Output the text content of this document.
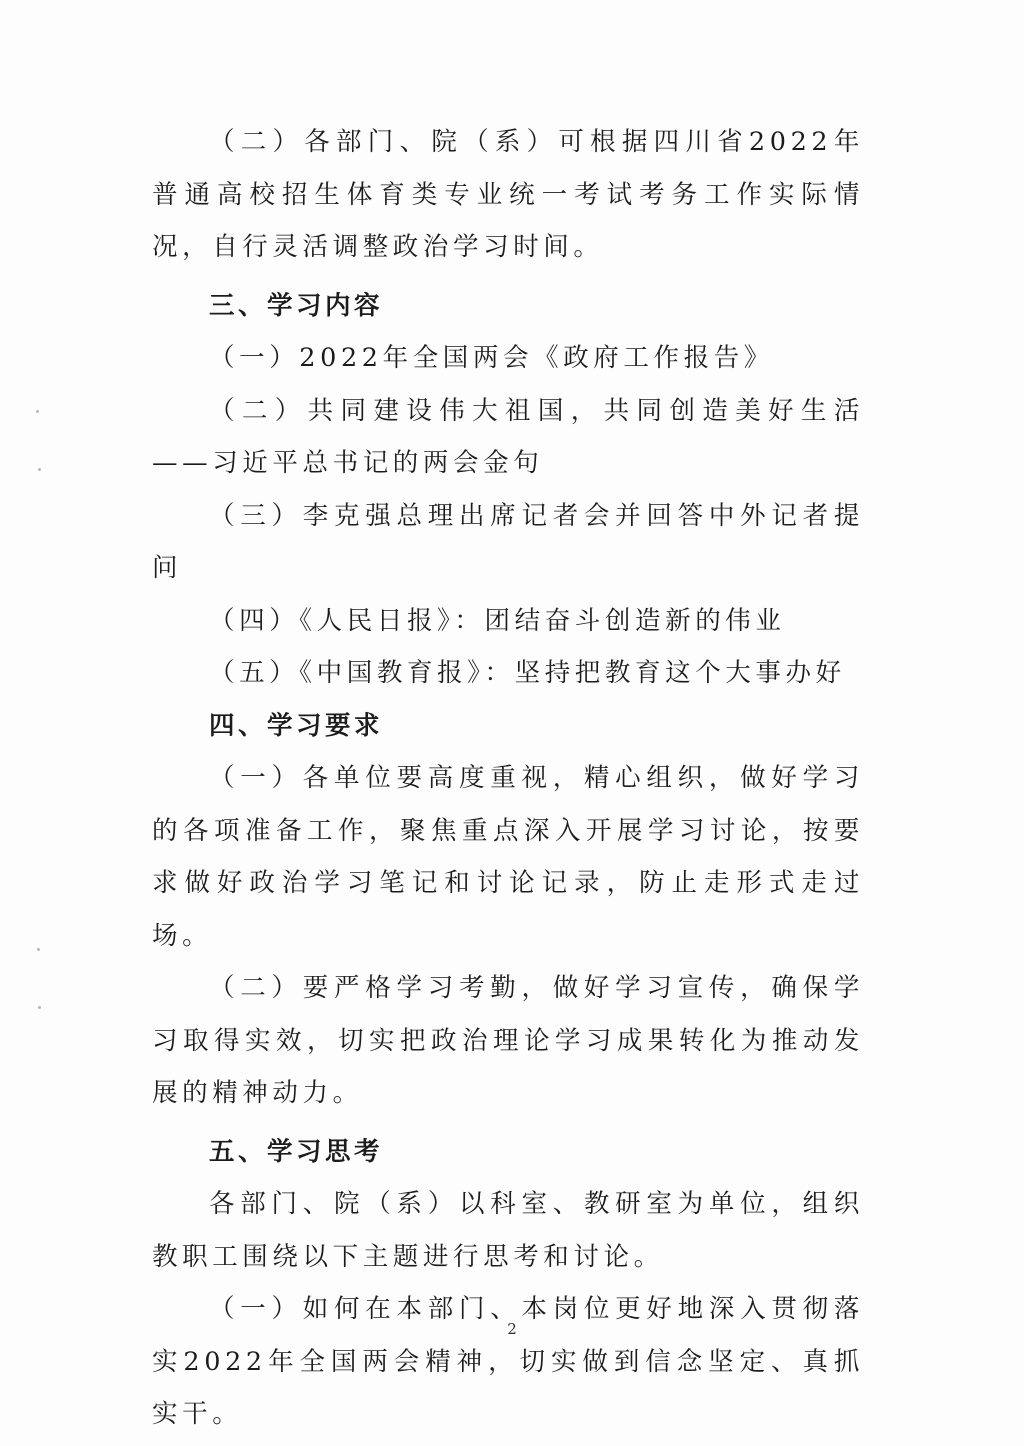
（二）各部门、院（系）可根据四川省2022年普通高校招生体育类专业统一考试考务工作实际情况，自行灵活调整政治学习时间。

三、学习内容

（一）2022年全国两会《政府工作报告》

（二）共同建设伟大祖国，共同创造美好生活——习近平总书记的两会金句

（三）李克强总理出席记者会并回答中外记者提问

（四）《人民日报》：团结奋斗创造新的伟业

（五）《中国教育报》：坚持把教育这个大事办好

四、学习要求

（一）各单位要高度重视，精心组织，做好学习的各项准备工作，聚焦重点深入开展学习讨论，按要求做好政治学习笔记和讨论记录，防止走形式走过场。

（二）要严格学习考勤，做好学习宣传，确保学习取得实效，切实把政治理论学习成果转化为推动发展的精神动力。

五、学习思考

各部门、院（系）以科室、教研室为单位，组织教职工围绕以下主题进行思考和讨论。

（一）如何在本部门、本岗位更好地深入贯彻落实2022年全国两会精神，切实做到信念坚定、真抓实干。

2
